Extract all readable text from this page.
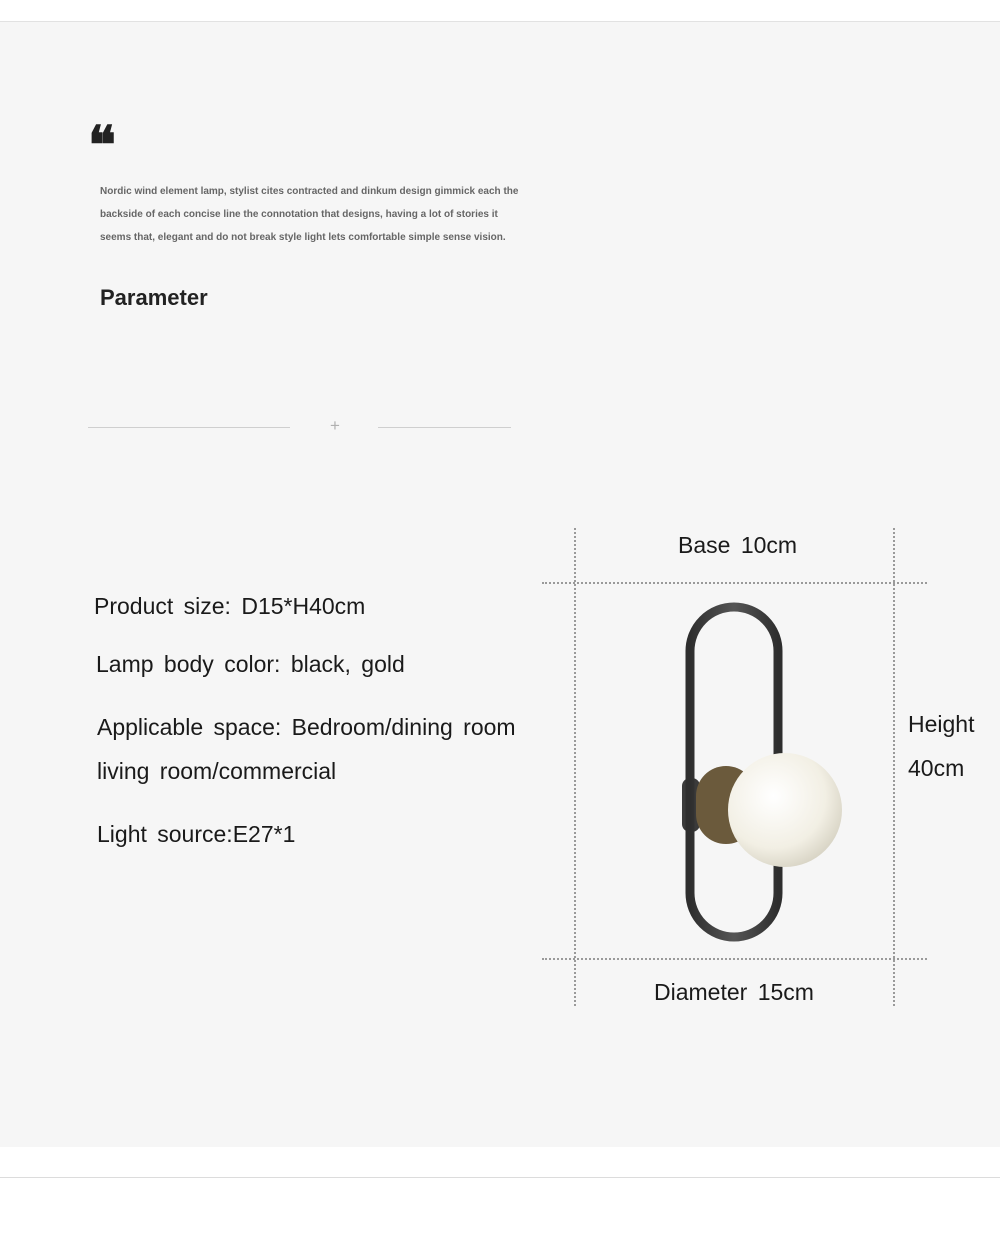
❝
Nordic wind element lamp, stylist cites contracted and dinkum design gimmick each the backside of each concise line the connotation that designs, having a lot of stories it seems that, elegant and do not break style light lets comfortable simple sense vision.
Parameter
+
Product size: D15*H40cm
Lamp body color: black, gold
Applicable space: Bedroom/dining room
living room/commercial
Light source:E27*1
Base 10cm
Height
40cm
Diameter 15cm
